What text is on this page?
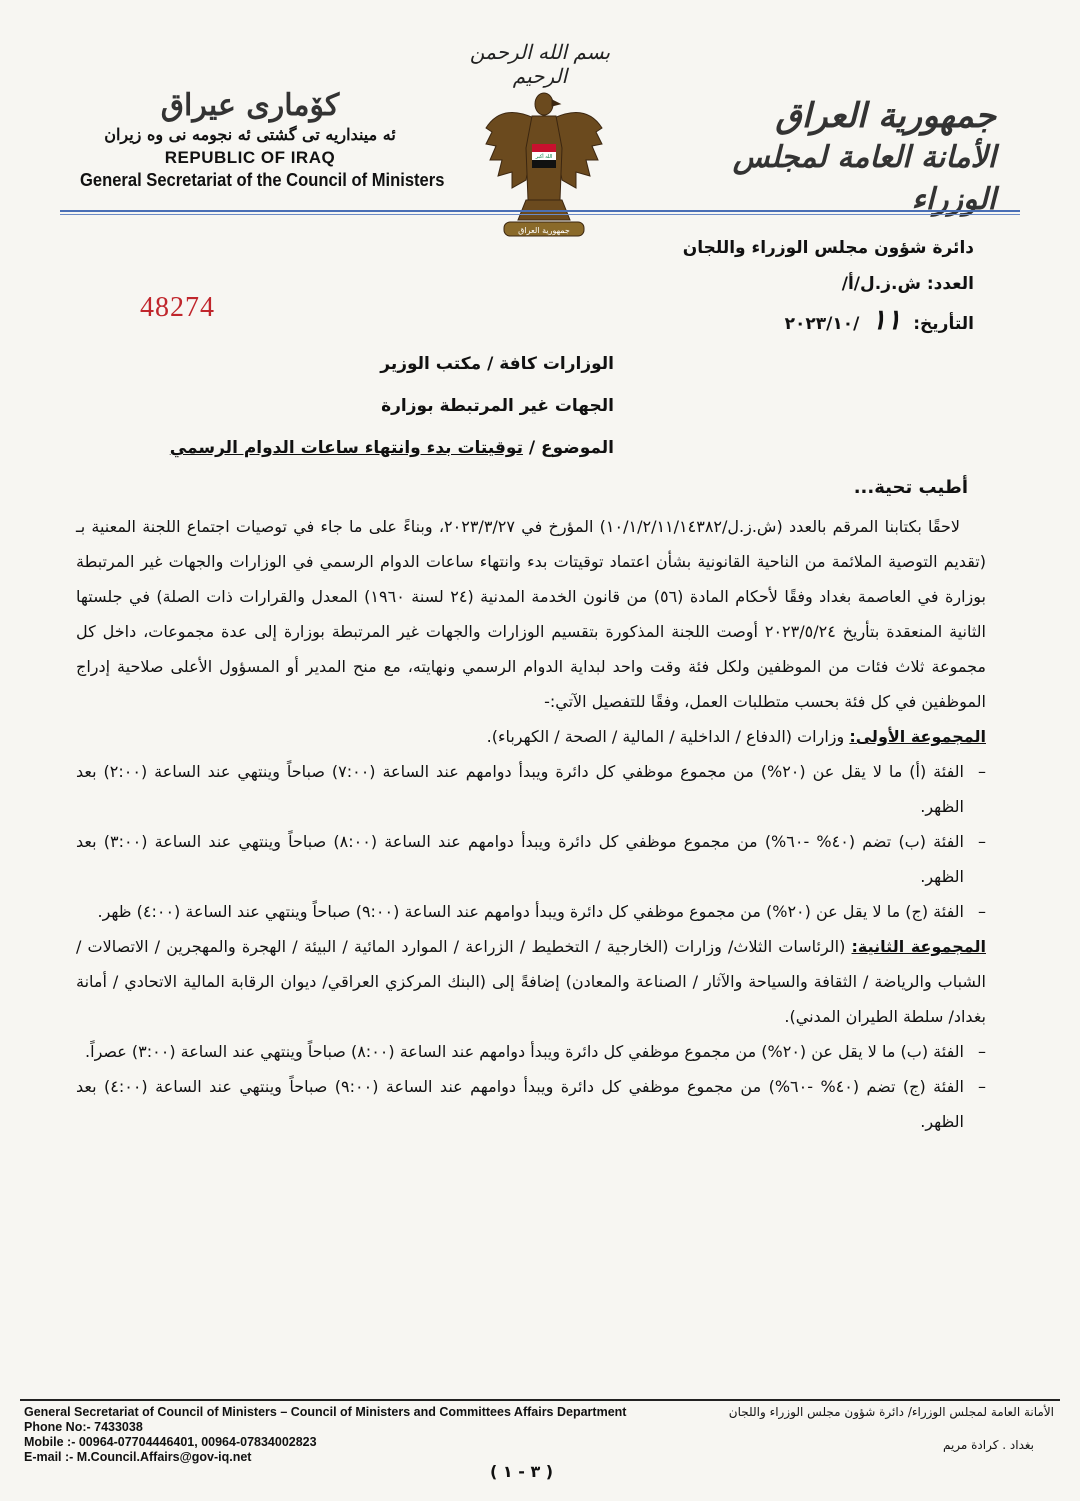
بسم الله الرحمن الرحيم
كۆمارى عيراق
ئه مينداريه تى گشتى ئه نجومه نى وه زيران
REPUBLIC OF IRAQ
General Secretariat of the Council of Ministers
الله أكبر
جمهورية العراق
جمهورية العراق
الأمانة العامة لمجلس الوزراء
دائرة شؤون مجلس الوزراء واللجان
العدد: ش.ز.ل/أ/
التأريخ: ١١ /٢٠٢٣/١٠
48274
الوزارات كافة / مكتب الوزير
الجهات غير المرتبطة بوزارة
الموضوع / توقيتات بدء وانتهاء ساعات الدوام الرسمي
أطيب تحية...
لاحقًا بكتابنا المرقم بالعدد (ش.ز.ل/١٠/١/٢/١١/١٤٣٨٢) المؤرخ في ٢٠٢٣/٣/٢٧، وبناءً على ما جاء في توصيات اجتماع اللجنة المعنية بـ (تقديم التوصية الملائمة من الناحية القانونية بشأن اعتماد توقيتات بدء وانتهاء ساعات الدوام الرسمي في الوزارات والجهات غير المرتبطة بوزارة في العاصمة بغداد وفقًا لأحكام المادة (٥٦) من قانون الخدمة المدنية (٢٤ لسنة ١٩٦٠) المعدل والقرارات ذات الصلة) في جلستها الثانية المنعقدة بتأريخ ٢٠٢٣/٥/٢٤ أوصت اللجنة المذكورة بتقسيم الوزارات والجهات غير المرتبطة بوزارة إلى عدة مجموعات، داخل كل مجموعة ثلاث فئات من الموظفين ولكل فئة وقت واحد لبداية الدوام الرسمي ونهايته، مع منح المدير أو المسؤول الأعلى صلاحية إدراج الموظفين في كل فئة بحسب متطلبات العمل، وفقًا للتفصيل الآتي:-
المجموعة الأولى: وزارات (الدفاع / الداخلية / المالية / الصحة / الكهرباء).
–
الفئة (أ) ما لا يقل عن (٢٠%) من مجموع موظفي كل دائرة ويبدأ دوامهم عند الساعة (٧:٠٠) صباحاً وينتهي عند الساعة (٢:٠٠) بعد الظهر.
–
الفئة (ب) تضم (٤٠% -٦٠%) من مجموع موظفي كل دائرة ويبدأ دوامهم عند الساعة (٨:٠٠) صباحاً وينتهي عند الساعة (٣:٠٠) بعد الظهر.
–
الفئة (ج) ما لا يقل عن (٢٠%) من مجموع موظفي كل دائرة ويبدأ دوامهم عند الساعة (٩:٠٠) صباحاً وينتهي عند الساعة (٤:٠٠) ظهر.
المجموعة الثانية: (الرئاسات الثلاث/ وزارات (الخارجية / التخطيط / الزراعة / الموارد المائية / البيئة / الهجرة والمهجرين / الاتصالات / الشباب والرياضة / الثقافة والسياحة والآثار / الصناعة والمعادن) إضافةً إلى (البنك المركزي العراقي/ ديوان الرقابة المالية الاتحادي / أمانة بغداد/ سلطة الطيران المدني).
–
الفئة (ب) ما لا يقل عن (٢٠%) من مجموع موظفي كل دائرة ويبدأ دوامهم عند الساعة (٨:٠٠) صباحاً وينتهي عند الساعة (٣:٠٠) عصراً.
–
الفئة (ج) تضم (٤٠% -٦٠%) من مجموع موظفي كل دائرة ويبدأ دوامهم عند الساعة (٩:٠٠) صباحاً وينتهي عند الساعة (٤:٠٠) بعد الظهر.
General Secretariat of Council of Ministers – Council of Ministers and Committees Affairs Department
Phone No:- 7433038
Mobile :- 00964-07704446401, 00964-07834002823
E-mail :- M.Council.Affairs@gov-iq.net
الأمانة العامة لمجلس الوزراء/ دائرة شؤون مجلس الوزراء واللجان
بغداد . كرادة مريم
( ٣ - ١ )
